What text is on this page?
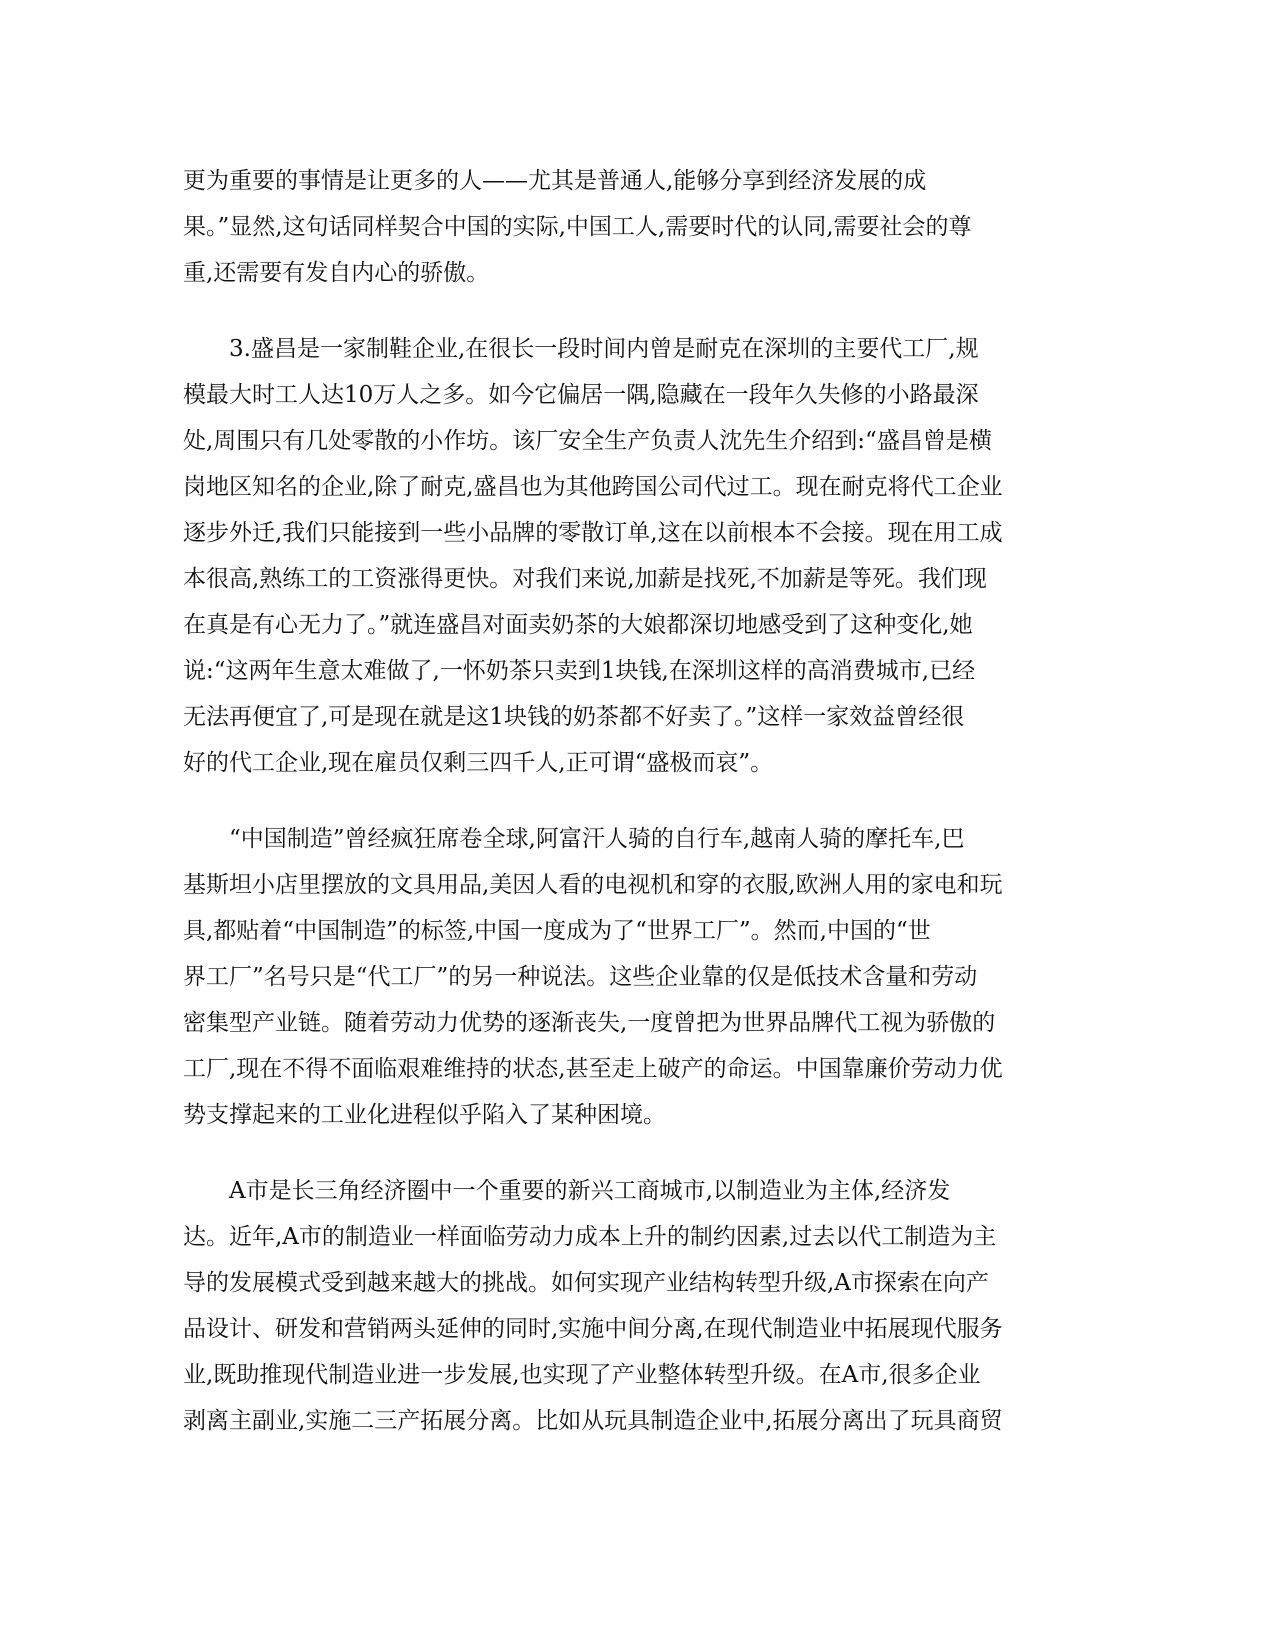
更为重要的事情是让更多的人——尤其是普通人,能够分享到经济发展的成
果。”显然,这句话同样契合中国的实际,中国工人,需要时代的认同,需要社会的尊
重,还需要有发自内心的骄傲。
　　3.盛昌是一家制鞋企业,在很长一段时间内曾是耐克在深圳的主要代工厂,规
模最大时工人达10万人之多。如今它偏居一隅,隐藏在一段年久失修的小路最深
处,周围只有几处零散的小作坊。该厂安全生产负责人沈先生介绍到:“盛昌曾是横
岗地区知名的企业,除了耐克,盛昌也为其他跨国公司代过工。现在耐克将代工企业
逐步外迁,我们只能接到一些小品牌的零散订单,这在以前根本不会接。现在用工成
本很高,熟练工的工资涨得更快。对我们来说,加薪是找死,不加薪是等死。我们现
在真是有心无力了。”就连盛昌对面卖奶茶的大娘都深切地感受到了这种变化,她
说:“这两年生意太难做了,一怀奶茶只卖到1块钱,在深圳这样的高消费城市,已经
无法再便宜了,可是现在就是这1块钱的奶茶都不好卖了。”这样一家效益曾经很
好的代工企业,现在雇员仅剩三四千人,正可谓“盛极而哀”。
　　“中国制造”曾经疯狂席卷全球,阿富汗人骑的自行车,越南人骑的摩托车,巴
基斯坦小店里摆放的文具用品,美因人看的电视机和穿的衣服,欧洲人用的家电和玩
具,都贴着“中国制造”的标签,中国一度成为了“世界工厂”。然而,中国的“世
界工厂”名号只是“代工厂”的另一种说法。这些企业靠的仅是低技术含量和劳动
密集型产业链。随着劳动力优势的逐渐丧失,一度曾把为世界品牌代工视为骄傲的
工厂,现在不得不面临艰难维持的状态,甚至走上破产的命运。中国靠廉价劳动力优
势支撑起来的工业化进程似乎陷入了某种困境。
　　A市是长三角经济圈中一个重要的新兴工商城市,以制造业为主体,经济发
达。近年,A市的制造业一样面临劳动力成本上升的制约因素,过去以代工制造为主
导的发展模式受到越来越大的挑战。如何实现产业结构转型升级,A市探索在向产
品设计、研发和营销两头延伸的同时,实施中间分离,在现代制造业中拓展现代服务
业,既助推现代制造业进一步发展,也实现了产业整体转型升级。在A市,很多企业
剥离主副业,实施二三产拓展分离。比如从玩具制造企业中,拓展分离出了玩具商贸
